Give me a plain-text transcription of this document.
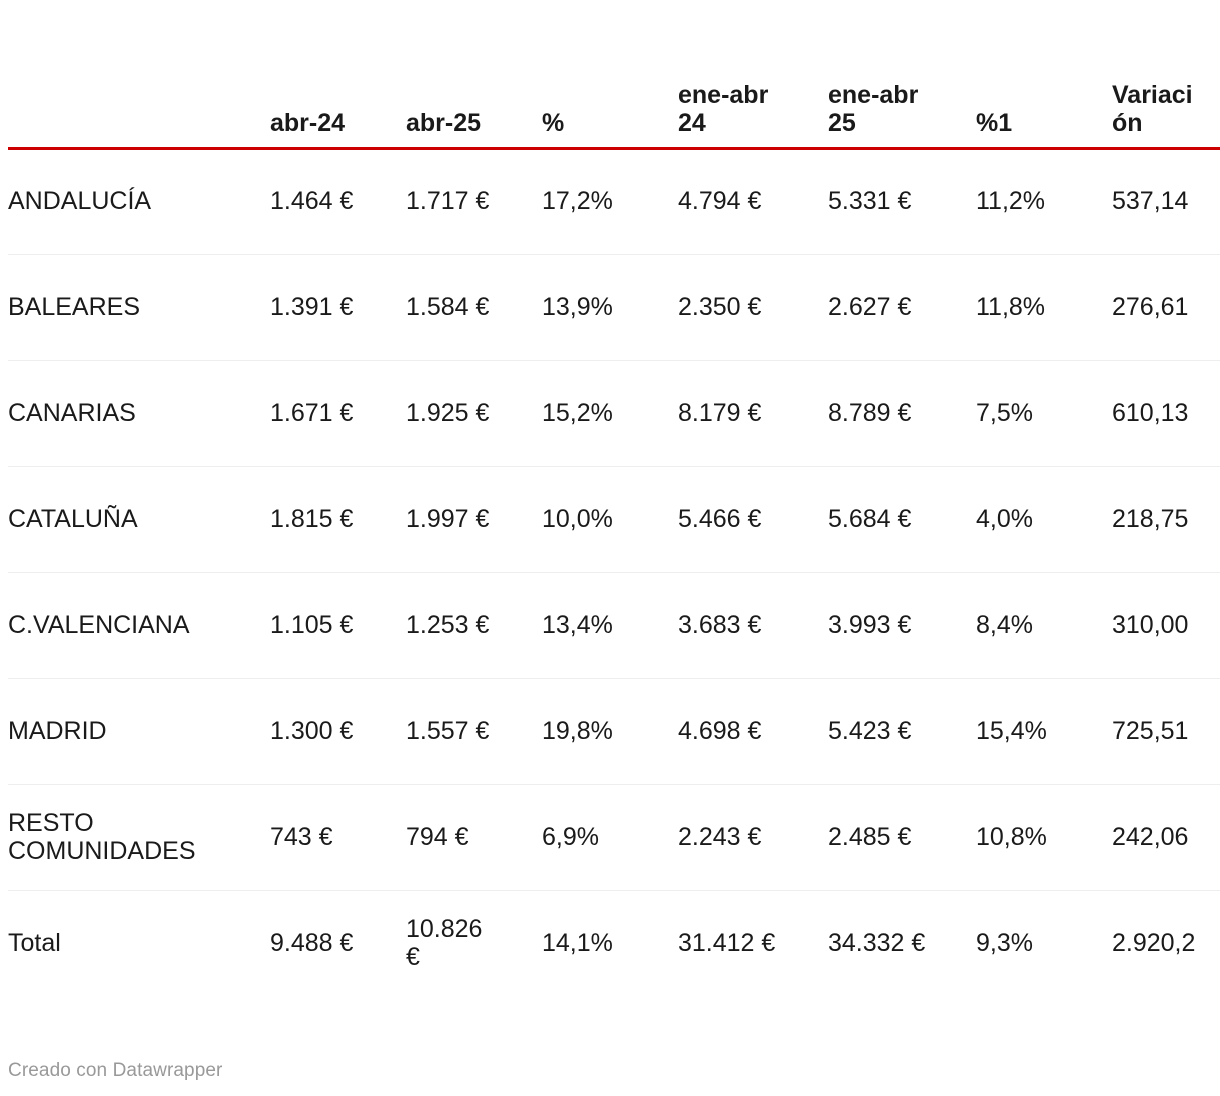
	abr-24	abr-25	%	ene-abr 24	ene-abr 25	%1	Variación

ANDALUCÍA	1.464 €	1.717 €	17,2%	4.794 €	5.331 €	11,2%	537,14

BALEARES	1.391 €	1.584 €	13,9%	2.350 €	2.627 €	11,8%	276,61

CANARIAS	1.671 €	1.925 €	15,2%	8.179 €	8.789 €	7,5%	610,13

CATALUÑA	1.815 €	1.997 €	10,0%	5.466 €	5.684 €	4,0%	218,75

C.VALENCIANA	1.105 €	1.253 €	13,4%	3.683 €	3.993 €	8,4%	310,00

MADRID	1.300 €	1.557 €	19,8%	4.698 €	5.423 €	15,4%	725,51

RESTO COMUNIDADES	743 €	794 €	6,9%	2.243 €	2.485 €	10,8%	242,06

Total	9.488 €	10.826 €	14,1%	31.412 €	34.332 €	9,3%	2.920,2
Creado con Datawrapper
